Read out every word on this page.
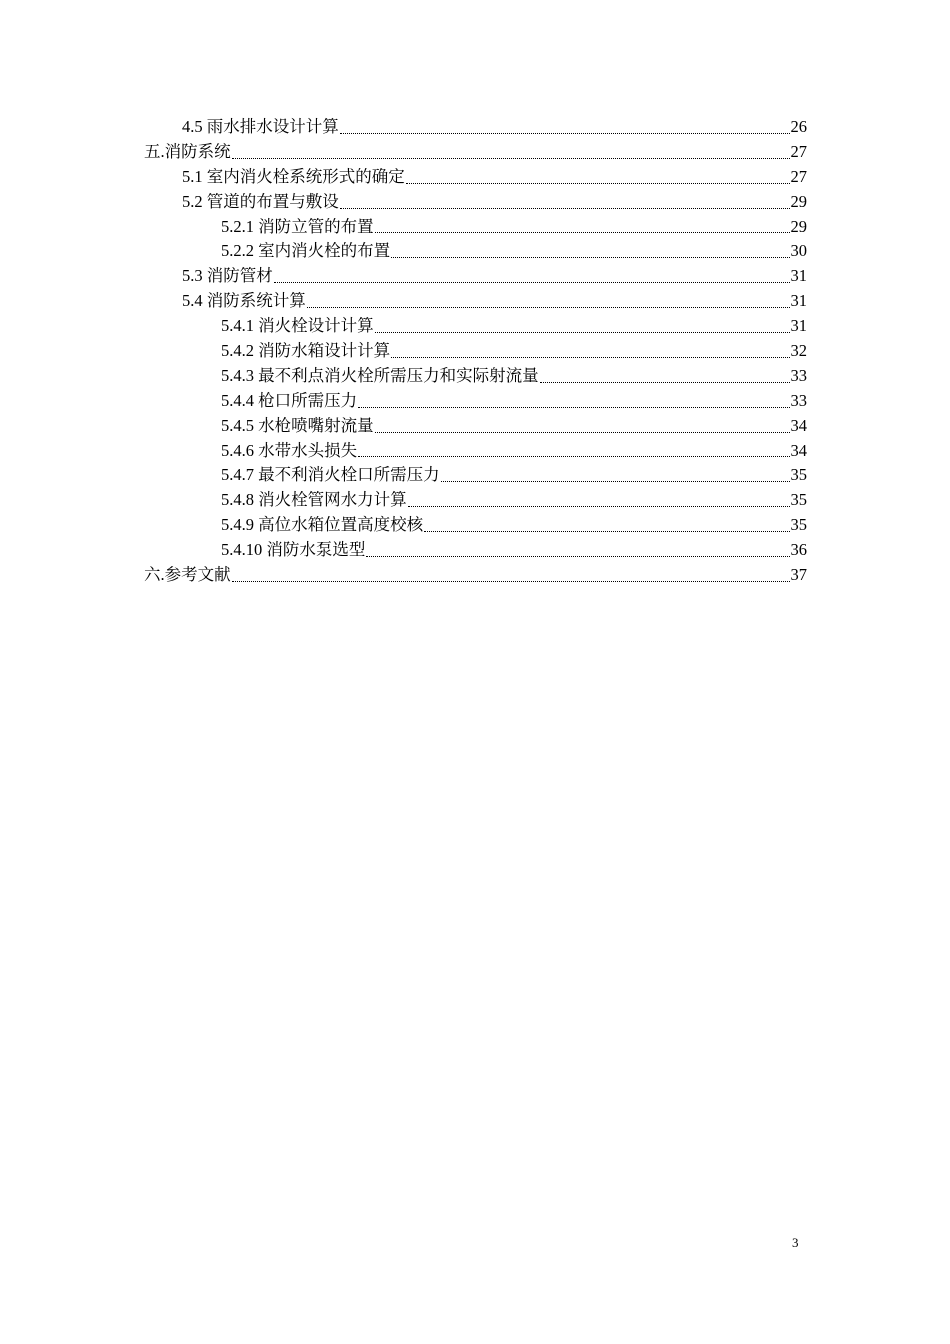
4.5 雨水排水设计计算	26
五.消防系统	27
5.1 室内消火栓系统形式的确定	27
5.2 管道的布置与敷设	29
5.2.1 消防立管的布置	29
5.2.2 室内消火栓的布置	30
5.3 消防管材	31
5.4 消防系统计算	31
5.4.1 消火栓设计计算	31
5.4.2 消防水箱设计计算	32
5.4.3 最不利点消火栓所需压力和实际射流量	33
5.4.4 枪口所需压力	33
5.4.5 水枪喷嘴射流量	34
5.4.6 水带水头损失	34
5.4.7 最不利消火栓口所需压力	35
5.4.8 消火栓管网水力计算	35
5.4.9 高位水箱位置高度校核	35
5.4.10 消防水泵选型	36
六.参考文献	37
3
